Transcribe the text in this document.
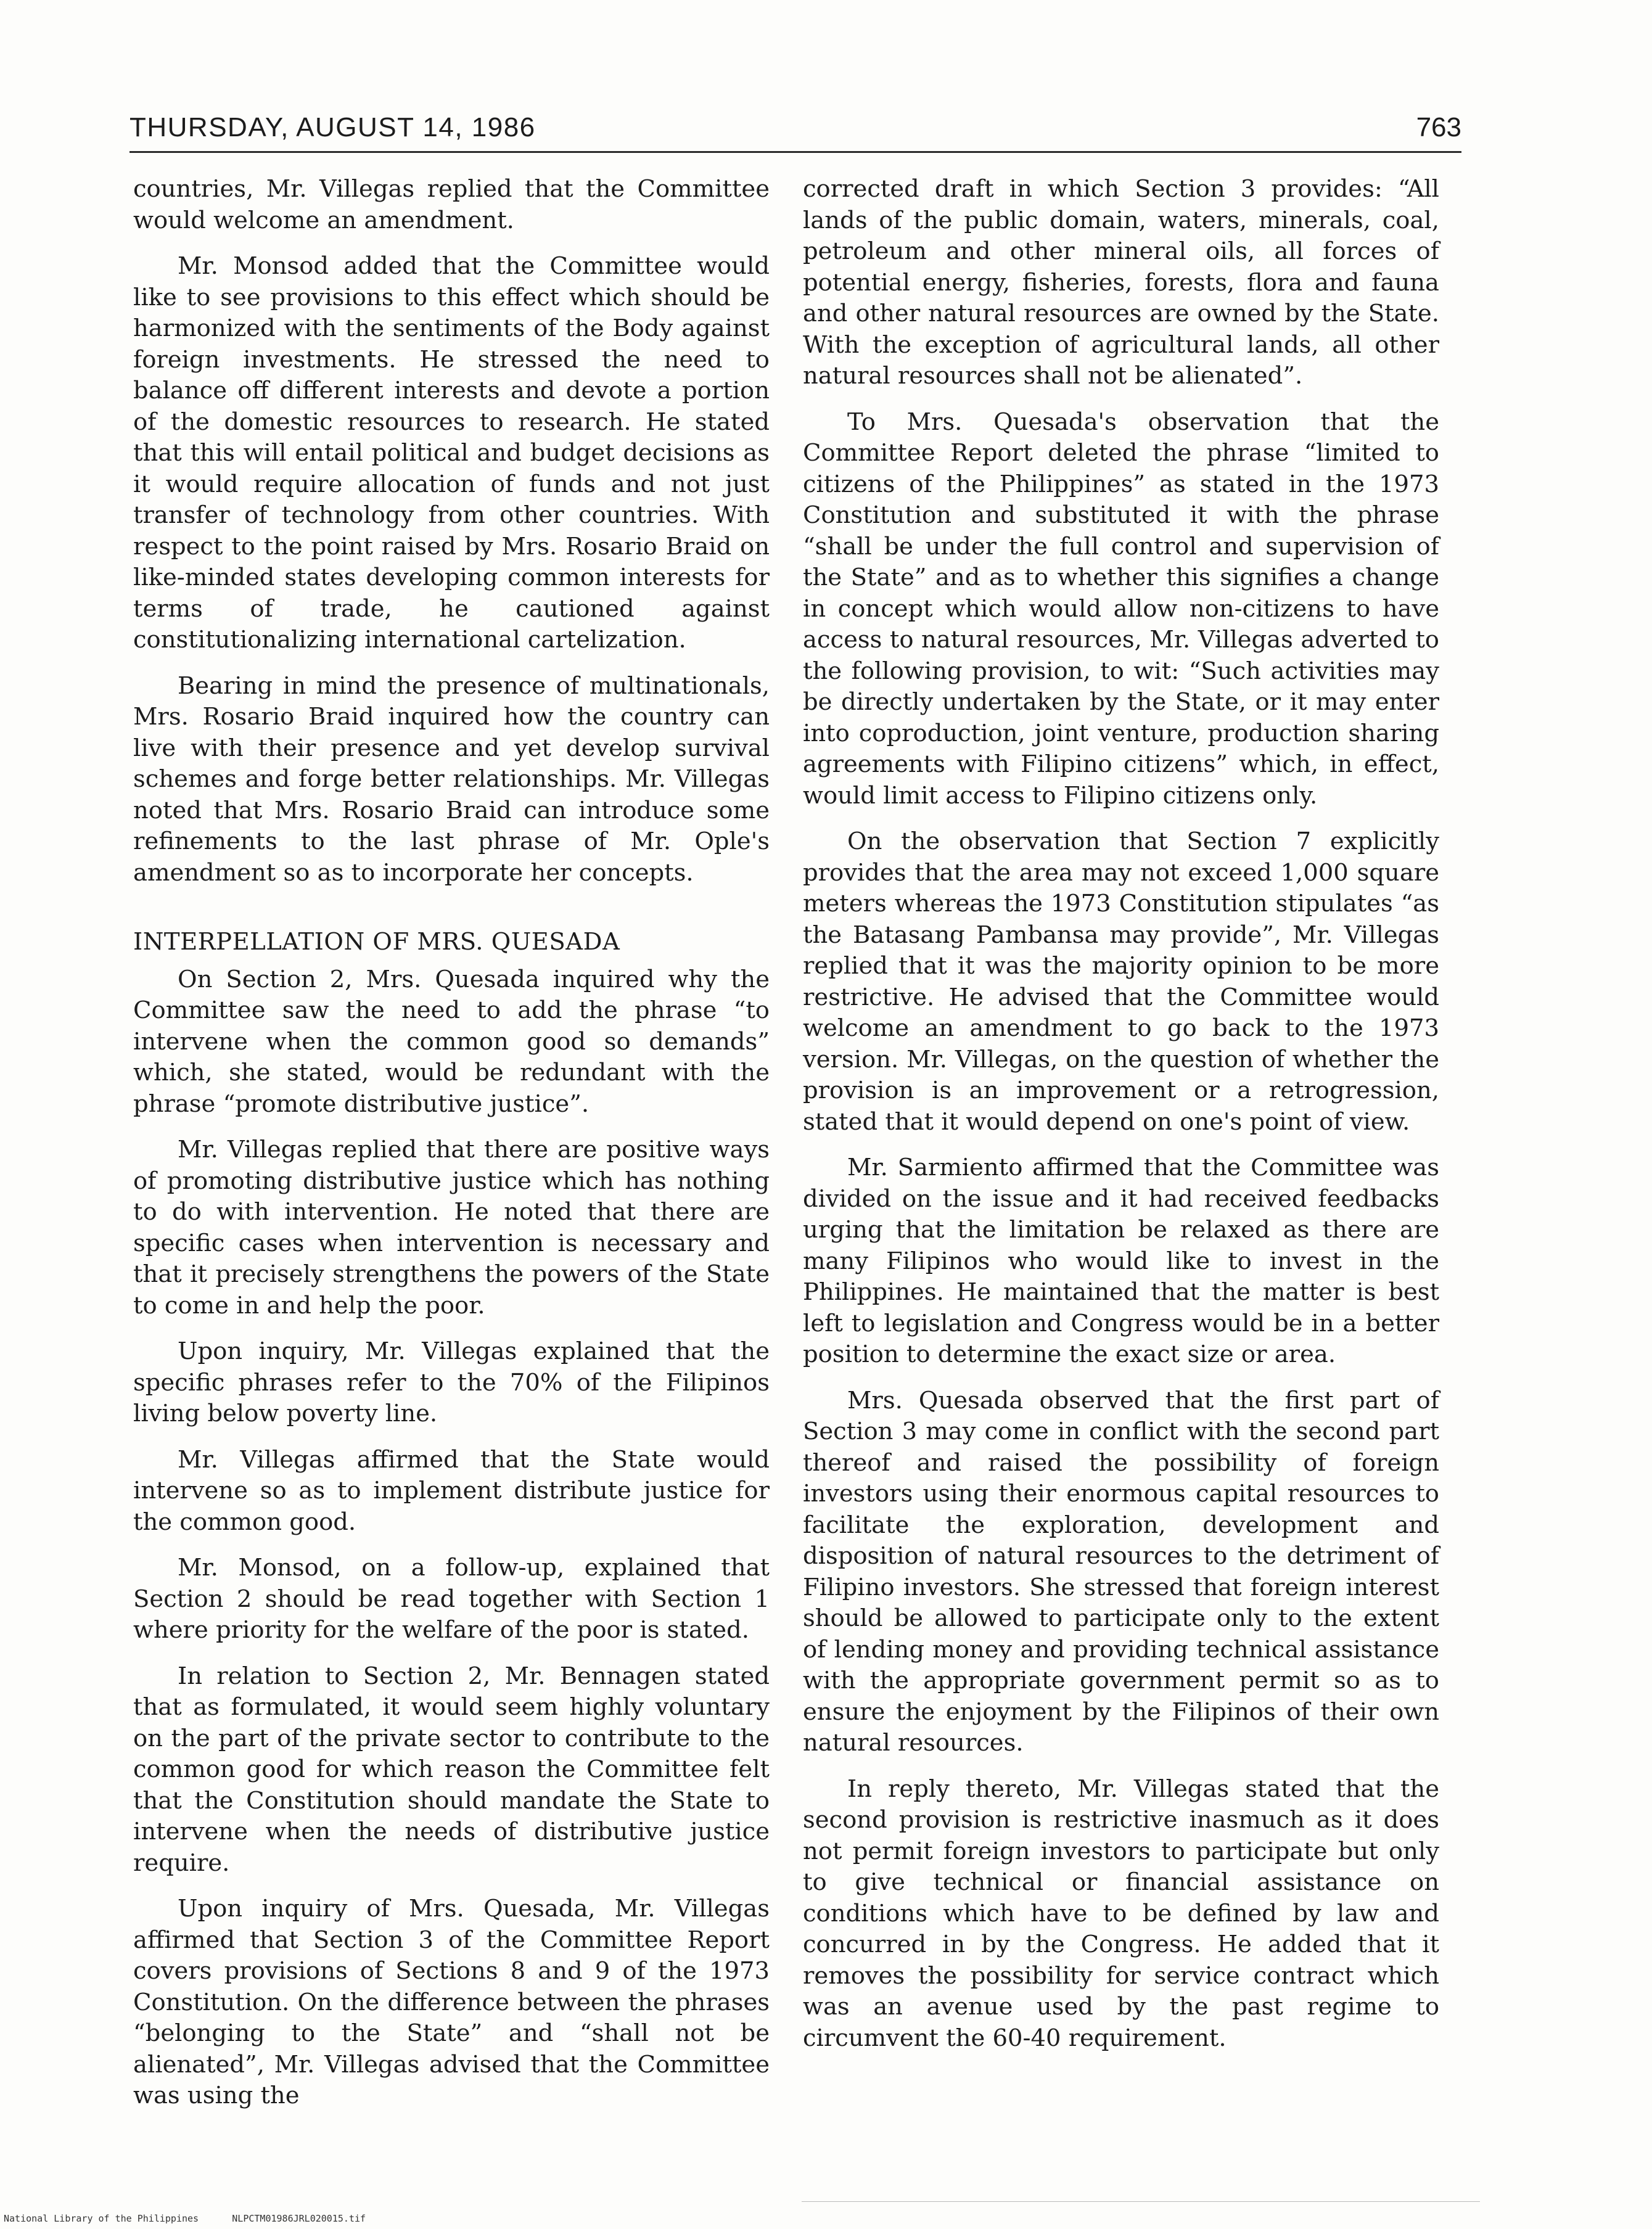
THURSDAY, AUGUST 14, 1986	763

countries, Mr. Villegas replied that the Committee would welcome an amendment.

Mr. Monsod added that the Committee would like to see provisions to this effect which should be harmonized with the sentiments of the Body against foreign investments. He stressed the need to balance off different interests and devote a portion of the domestic resources to research. He stated that this will entail political and budget decisions as it would require allocation of funds and not just transfer of technology from other countries. With respect to the point raised by Mrs. Rosario Braid on like-minded states developing common interests for terms of trade, he cautioned against constitutionalizing international cartelization.

Bearing in mind the presence of multinationals, Mrs. Rosario Braid inquired how the country can live with their presence and yet develop survival schemes and forge better relationships. Mr. Villegas noted that Mrs. Rosario Braid can introduce some refinements to the last phrase of Mr. Ople's amendment so as to incorporate her concepts.

INTERPELLATION OF MRS. QUESADA

On Section 2, Mrs. Quesada inquired why the Committee saw the need to add the phrase “to intervene when the common good so demands” which, she stated, would be redundant with the phrase “promote distributive justice”.

Mr. Villegas replied that there are positive ways of promoting distributive justice which has nothing to do with intervention. He noted that there are specific cases when intervention is necessary and that it precisely strengthens the powers of the State to come in and help the poor.

Upon inquiry, Mr. Villegas explained that the specific phrases refer to the 70% of the Filipinos living below poverty line.

Mr. Villegas affirmed that the State would intervene so as to implement distribute justice for the common good.

Mr. Monsod, on a follow-up, explained that Section 2 should be read together with Section 1 where priority for the welfare of the poor is stated.

In relation to Section 2, Mr. Bennagen stated that as formulated, it would seem highly voluntary on the part of the private sector to contribute to the common good for which reason the Committee felt that the Constitution should mandate the State to intervene when the needs of distributive justice require.

Upon inquiry of Mrs. Quesada, Mr. Villegas affirmed that Section 3 of the Committee Report covers provisions of Sections 8 and 9 of the 1973 Constitution. On the difference between the phrases “belonging to the State” and “shall not be alienated”, Mr. Villegas advised that the Committee was using the

corrected draft in which Section 3 provides: “All lands of the public domain, waters, minerals, coal, petroleum and other mineral oils, all forces of potential energy, fisheries, forests, flora and fauna and other natural resources are owned by the State. With the exception of agricultural lands, all other natural resources shall not be alienated”.

To Mrs. Quesada's observation that the Committee Report deleted the phrase “limited to citizens of the Philippines” as stated in the 1973 Constitution and substituted it with the phrase “shall be under the full control and supervision of the State” and as to whether this signifies a change in concept which would allow non-citizens to have access to natural resources, Mr. Villegas adverted to the following provision, to wit: “Such activities may be directly undertaken by the State, or it may enter into coproduction, joint venture, production sharing agreements with Filipino citizens” which, in effect, would limit access to Filipino citizens only.

On the observation that Section 7 explicitly provides that the area may not exceed 1,000 square meters whereas the 1973 Constitution stipulates “as the Batasang Pambansa may provide”, Mr. Villegas replied that it was the majority opinion to be more restrictive. He advised that the Committee would welcome an amendment to go back to the 1973 version. Mr. Villegas, on the question of whether the provision is an improvement or a retrogression, stated that it would depend on one's point of view.

Mr. Sarmiento affirmed that the Committee was divided on the issue and it had received feedbacks urging that the limitation be relaxed as there are many Filipinos who would like to invest in the Philippines. He maintained that the matter is best left to legislation and Congress would be in a better position to determine the exact size or area.

Mrs. Quesada observed that the first part of Section 3 may come in conflict with the second part thereof and raised the possibility of foreign investors using their enormous capital resources to facilitate the exploration, development and disposition of natural resources to the detriment of Filipino investors. She stressed that foreign interest should be allowed to participate only to the extent of lending money and providing technical assistance with the appropriate government permit so as to ensure the enjoyment by the Filipinos of their own natural resources.

In reply thereto, Mr. Villegas stated that the second provision is restrictive inasmuch as it does not permit foreign investors to participate but only to give technical or financial assistance on conditions which have to be defined by law and concurred in by the Congress. He added that it removes the possibility for service contract which was an avenue used by the past regime to circumvent the 60-40 requirement.

National Library of the Philippines	NLPCTM01986JRL020015.tif
